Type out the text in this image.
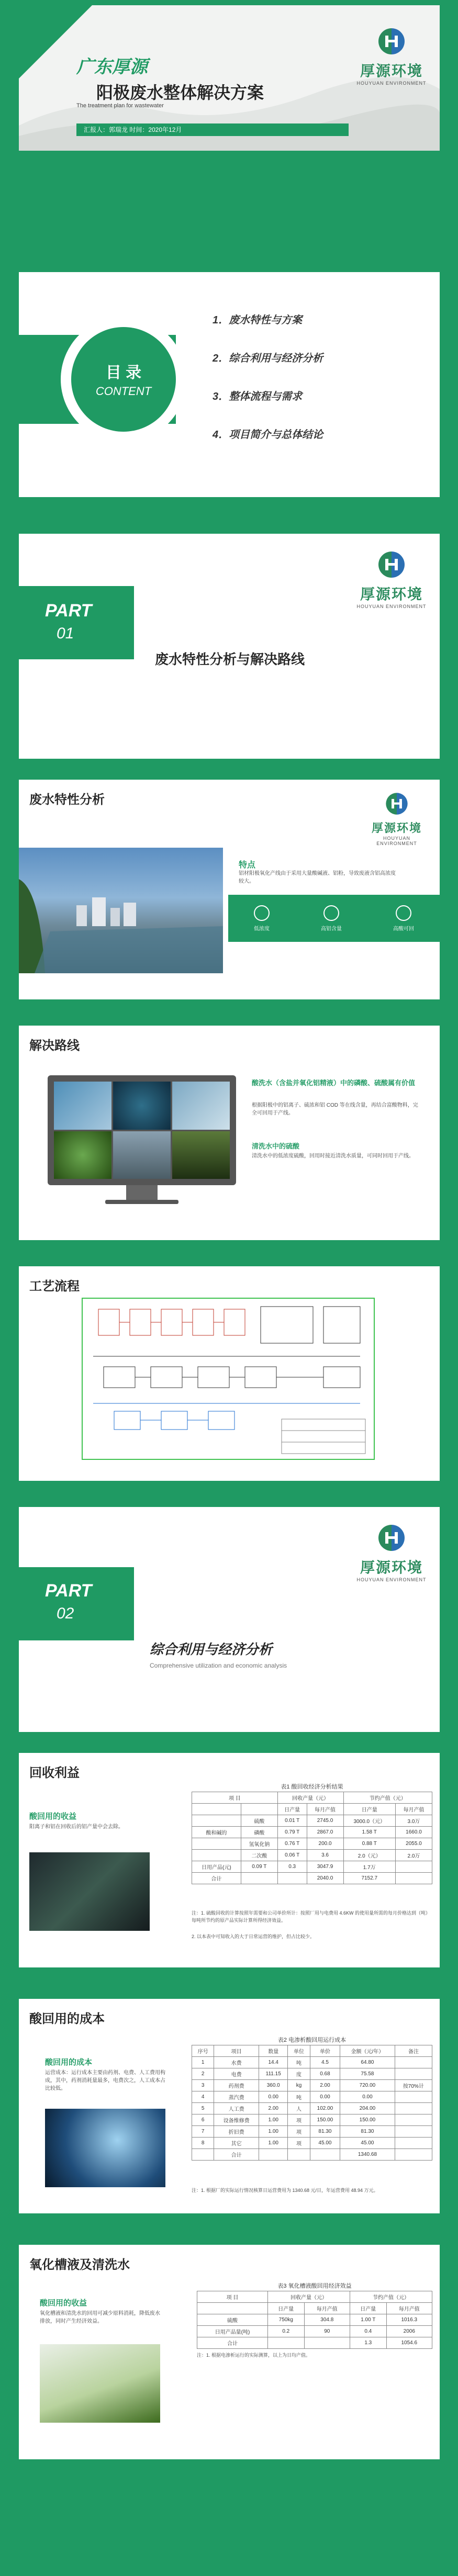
广东厚源
阳极废水整体解决方案
The treatment plan for wastewater
汇报人：郭瑞龙 时间：2020年12月
厚源环境
HOUYUAN ENVIRONMENT
目 录
CONTENT
1．废水特性与方案
2．综合利用与经济分析
3．整体流程与需求
4．项目简介与总体结论
PART
01
废水特性分析与解决路线
厚源环境
HOUYUAN ENVIRONMENT
废水特性分析
厚源环境
HOUYUAN ENVIRONMENT
特点
铝材阳极氧化产线由于采用大量酸碱液、铝粉，导致废液含铝高浓度较大。
低浓度	高铝含量	高酸可回
解决路线
酸洗水（含盐并氧化铝精液）中的磷酸、硫酸属有价值
根据阳极中的铝离子、硫浓和铝 COD 等在线含量，再结合富酸物料，完全可回用于产线。
清洗水中的硫酸
清洗水中的低浓度硫酸，回用时接近清洗水质量，可同时回用于产线。
工艺流程
PART
02
综合利用与经济分析
Comprehensive utilization and economic analysis
厚源环境
HOUYUAN ENVIRONMENT
回收利益
酸回用的收益
阳离子和铝在回收后的铝产量中会去除。
表1 酸回收经济分析结果
项 目		回收产量（元）		节约产值（元）	
		日产量	每月产值	日产量	每月产值
	硫酸	0.01 T	2745.0	3000.0（元）	3.0万
酸和碱的	磷酸	0.79 T	2867.0	1.58 T	1660.0
	氢氧化钠	0.76 T	200.0	0.88 T	2055.0
	二次酸	0.06 T	3.6	2.0（元）	2.0万
日用产品(元)	0.09 T	0.3	3047.9	1.7万	
合计			2040.0	7152.7	
注：1. 硫酸回收的计算按照年需要和公司单价所计：按照厂用与电费用 4.6KW 的使用量所需的每月价格达到（吨） 每吨所节约的原产品实际计算所得经济效益。
2. 以本表中可知收入的大于日常运营的维护，但占比较少。
酸回用的成本
酸回用的成本
运营成本：运行成本主要由药剂、电费、人工费用构成，其中，药剂消耗量最多，电费次之，人工成本占比较低。
表2 电渗析酸回用运行成本
序号	项目	数量	单位	单价	金额（元/年）	备注
1	水费	14.4	吨	4.5	64.80	
2	电费	111.15	度	0.68	75.58	
3	药剂费	360.0	kg	2.00	720.00	按70%计
4	蒸汽费	0.00	吨	0.00	0.00	
5	人工费	2.00	人	102.00	204.00	
6	设备维修费	1.00	项	150.00	150.00	
7	折旧费	1.00	项	81.30	81.30	
8	其它	1.00	项	45.00	45.00	
	合计				1340.68	
注：1. 根据厂的实际运行情况核算日运营费用为 1340.68 元/日，年运营费用 48.94 万元。
氧化槽液及清洗水
酸回用的收益
氧化槽液和清洗水的回用可减少原料消耗，降低废水排放，同时产生经济效益。
表3 氧化槽液酸回用经济效益
项 目	回收产量（元）		节约产值（元）	
	日产量	每月产值	日产量	每月产值
硫酸	750kg	304.8	1.00 T	1016.3
日用产品量(吨)	0.2	90	0.4	2006
合计			1.3	1054.6
注：1. 根据电渗析运行的实际测算，以上为日均产值。
